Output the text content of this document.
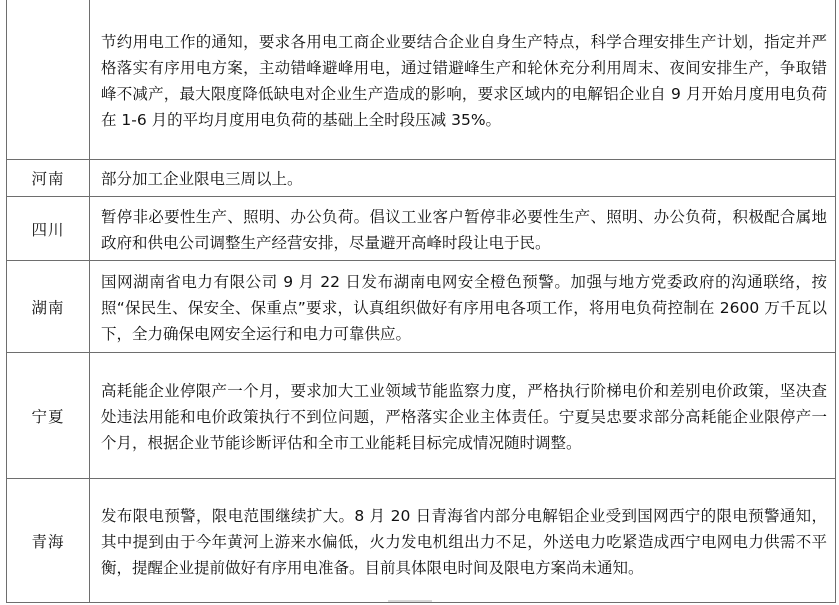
	节约用电工作的通知，要求各用电工商企业要结合企业自身生产特点，科学合理安排生产计划，指定并严格落实有序用电方案，主动错峰避峰用电，通过错避峰生产和轮休充分利用周末、夜间安排生产，争取错峰不减产，最大限度降低缺电对企业生产造成的影响，要求区域内的电解铝企业自 9 月开始月度用电负荷在 1-6 月的平均月度用电负荷的基础上全时段压减 35%。
河南	部分加工企业限电三周以上。
四川	暂停非必要性生产、照明、办公负荷。倡议工业客户暂停非必要性生产、照明、办公负荷，积极配合属地政府和供电公司调整生产经营安排，尽量避开高峰时段让电于民。
湖南	国网湖南省电力有限公司 9 月 22 日发布湖南电网安全橙色预警。加强与地方党委政府的沟通联络，按照“保民生、保安全、保重点”要求，认真组织做好有序用电各项工作，将用电负荷控制在 2600 万千瓦以下，全力确保电网安全运行和电力可靠供应。
宁夏	高耗能企业停限产一个月，要求加大工业领域节能监察力度，严格执行阶梯电价和差别电价政策，坚决查处违法用能和电价政策执行不到位问题，严格落实企业主体责任。宁夏吴忠要求部分高耗能企业限停产一个月，根据企业节能诊断评估和全市工业能耗目标完成情况随时调整。
青海	发布限电预警，限电范围继续扩大。8 月 20 日青海省内部分电解铝企业受到国网西宁的限电预警通知，其中提到由于今年黄河上游来水偏低，火力发电机组出力不足，外送电力吃紧造成西宁电网电力供需不平衡，提醒企业提前做好有序用电准备。目前具体限电时间及限电方案尚未通知。
